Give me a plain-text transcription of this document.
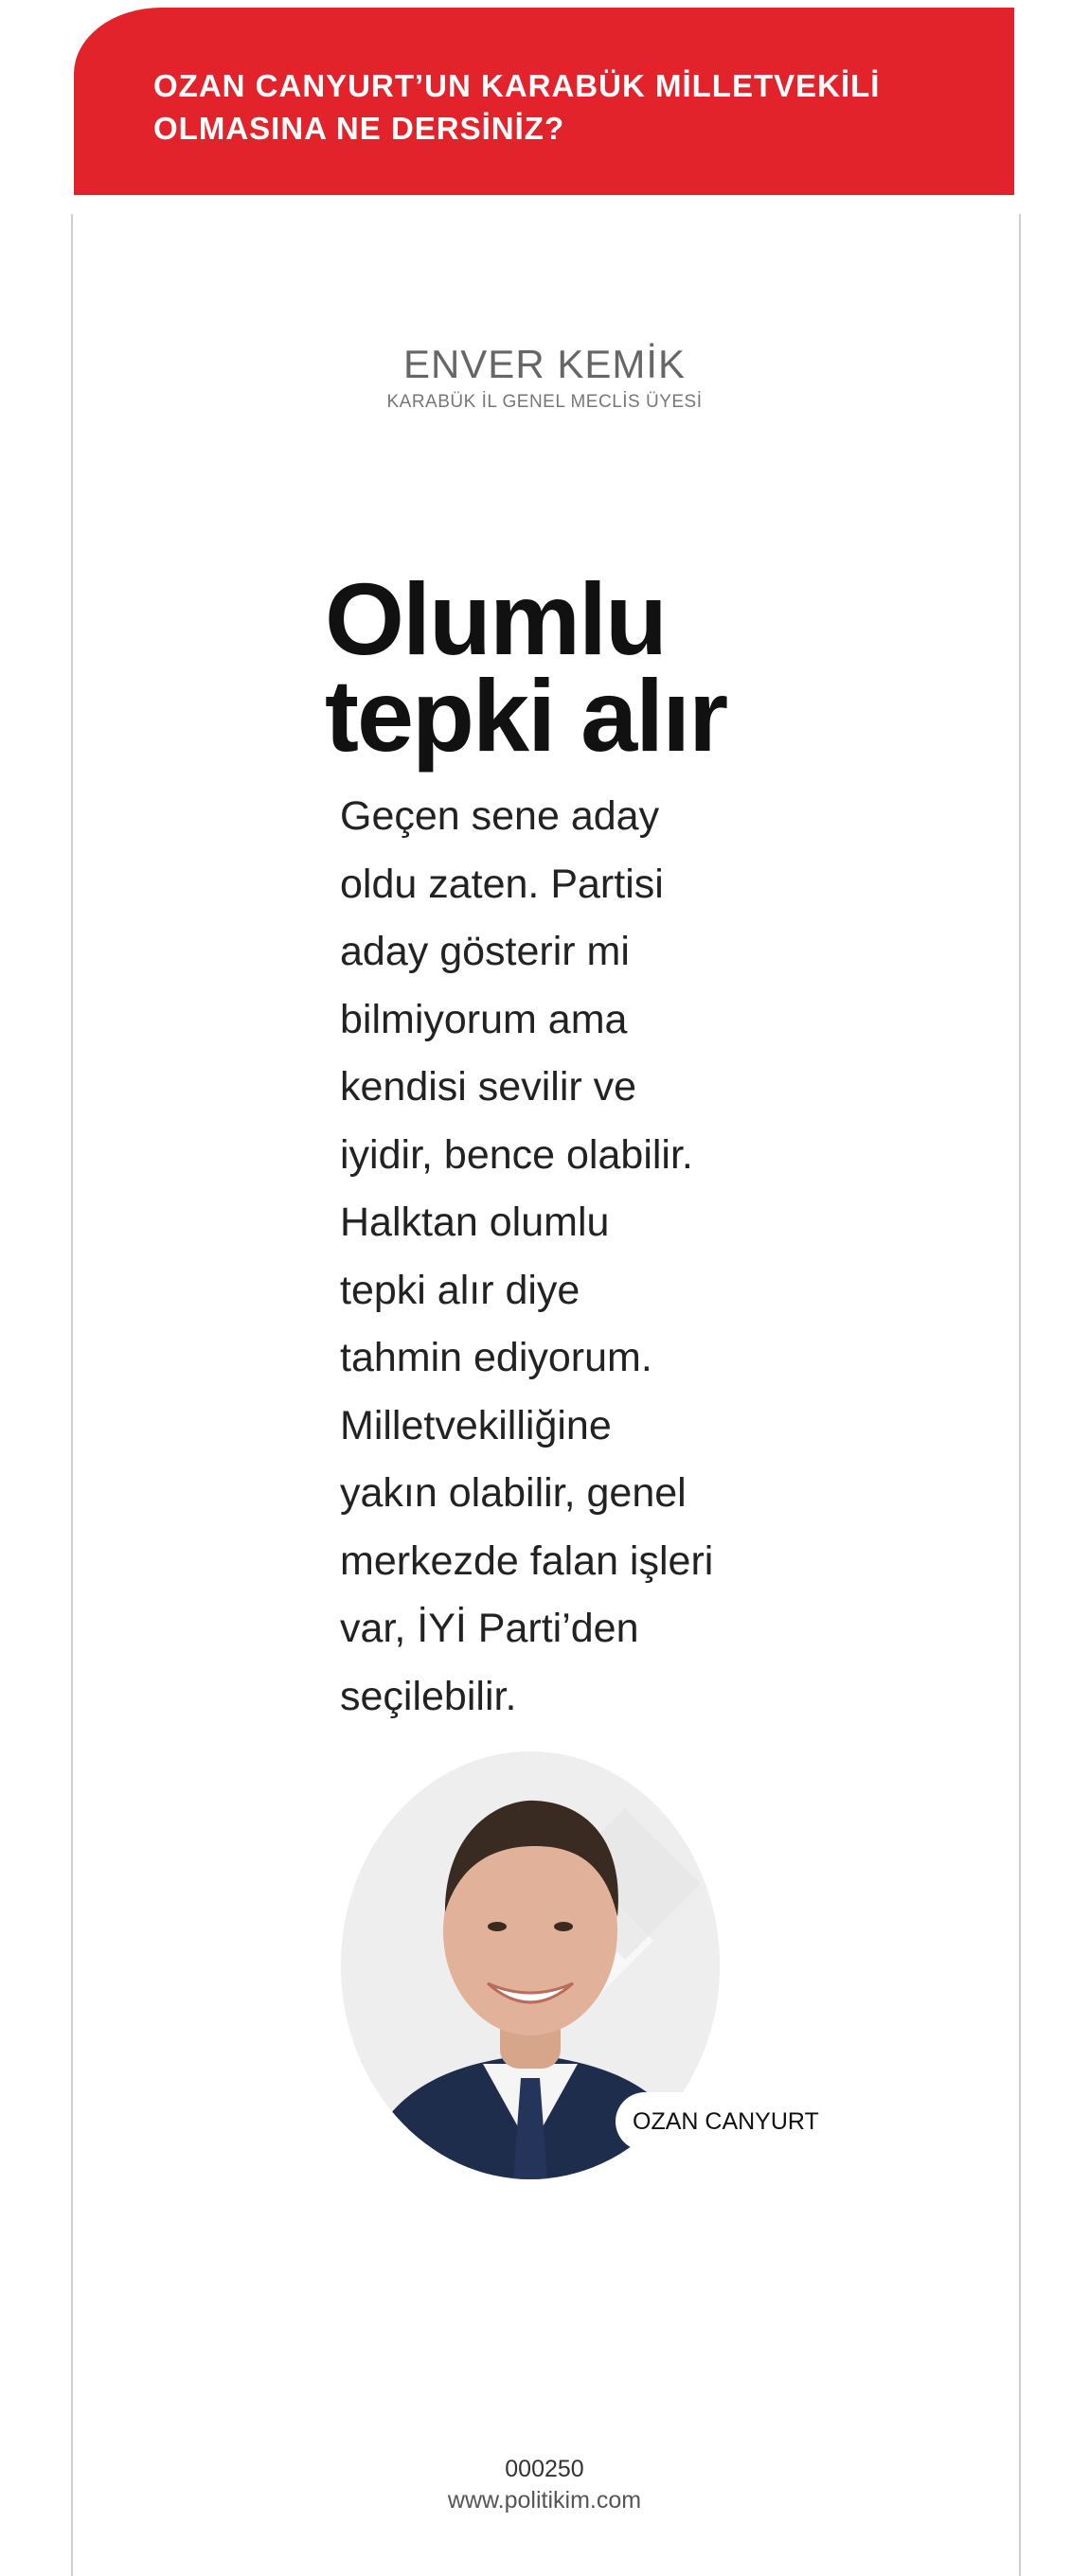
OZAN CANYURT’UN KARABÜK MİLLETVEKİLİ
OLMASINA NE DERSİNİZ?
ENVER KEMİK
KARABÜK İL GENEL MECLİS ÜYESİ
Olumlu
tepki alır
Geçen sene aday
oldu zaten. Partisi
aday gösterir mi
bilmiyorum ama
kendisi sevilir ve
iyidir, bence olabilir.
Halktan olumlu
tepki alır diye
tahmin ediyorum.
Milletvekilliğine
yakın olabilir, genel
merkezde falan işleri
var, İYİ Parti’den
seçilebilir.
OZAN CANYURT
000250
www.politikim.com
